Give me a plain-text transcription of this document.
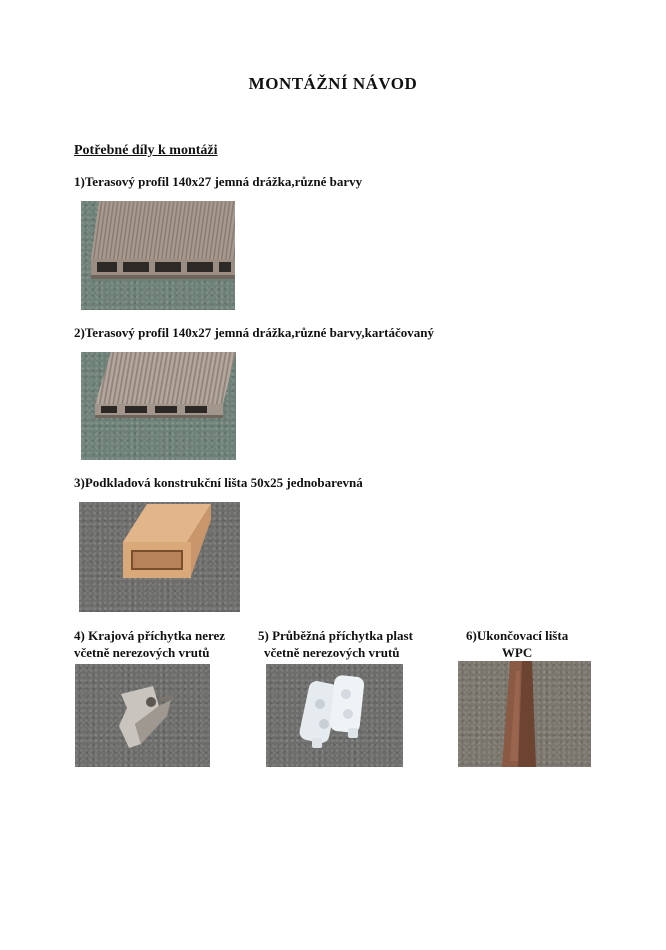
MONTÁŽNÍ NÁVOD
Potřebné díly k montáži
1)Terasový profil 140x27 jemná drážka,různé barvy
2)Terasový profil 140x27 jemná drážka,různé barvy,kartáčovaný
3)Podkladová konstrukční lišta 50x25 jednobarevná
4) Krajová příchytka nerez
včetně nerezových vrutů
5) Průběžná příchytka plast
včetně nerezových vrutů
6)Ukončovací lišta
WPC
